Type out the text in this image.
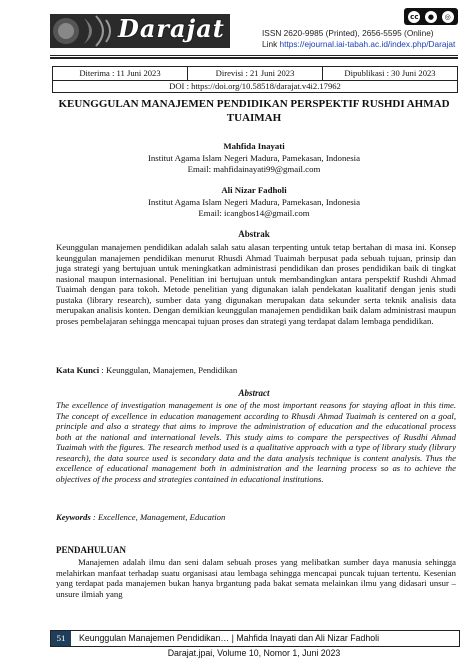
Darajat	cc	●	◎
ISSN 2620-9985 (Printed), 2656-5595 (Online)
Link https://ejournal.iai-tabah.ac.id/index.php/Darajat
Diterima : 11 Juni 2023	Direvisi : 21 Juni 2023	Dipublikasi : 30 Juni 2023
DOI : https://doi.org/10.58518/darajat.v4i2.17962
KEUNGGULAN MANAJEMEN PENDIDIKAN PERSPEKTIF RUSHDI AHMAD TUAIMAH
Mahfida Inayati
Institut Agama Islam Negeri Madura, Pamekasan, Indonesia
Email: mahfidainayati99@gmail.com
Ali Nizar Fadholi
Institut Agama Islam Negeri Madura, Pamekasan, Indonesia
Email: icangbos14@gmail.com
Abstrak
Keunggulan manajemen pendidikan adalah salah satu alasan terpenting untuk tetap bertahan di masa ini. Konsep keunggulan manajemen pendidikan menurut Rhusdi Ahmad Tuaimah berpusat pada sebuah tujuan, prinsip dan juga strategi yang bertujuan untuk meningkatkan administrasi pendidikan dan proses pendidikan baik di tingkat nasional maupun internasional. Penelitian ini bertujuan untuk membandingkan antara perspektif Rushdi Ahmad Tuaimah dengan para tokoh. Metode penelitian yang digunakan ialah pendekatan kualitatif dengan jenis studi pustaka (library research), sumber data yang digunakan merupakan data sekunder serta teknik analisis data merupakan analisis konten. Dengan demikian keunggulan manajemen pendidikan baik dalam administrasi maupun proses pembelajaran sehingga mencapai tujuan proses dan strategi yang terdapat dalam lembaga pendidikan.
Kata Kunci : Keunggulan, Manajemen, Pendidikan
Abstract
The excellence of investigation management is one of the most important reasons for staying afloat in this time. The concept of excellence in education management according to Rhusdi Ahmad Tuaimah is centered on a goal, principle and also a strategy that aims to improve the administration of education and the educational process both at the national and international levels. This study aims to compare the perspectives of Rusdhi Ahmad Tuaimah with the figures. The research method used is a qualitative approach with a type of library study (library research), the data source used is secondary data and the data analysis technique is content analysis. Thus the excellence of educational management both in administration and the learning process so as to achieve the objectives of the process and strategies contained in educational institutions.
Keywords : Excellence, Management, Education
PENDAHULUAN
Manajemen adalah ilmu dan seni dalam sebuah proses yang melibatkan sumber daya manusia sehingga melahirkan manfaat terhadap suatu organisasi atau lembaga sehingga mencapai puncak tujuan tertentu. Kesenian yang terdapat pada manajemen bukan hanya brgantung pada bakat semata melainkan ilmu yang didasari unsur – unsure ilmiah yang
51	Keunggulan Manajemen Pendidikan… | Mahfida Inayati dan Ali Nizar Fadholi
Darajat.jpai, Volume 10, Nomor 1, Juni 2023
